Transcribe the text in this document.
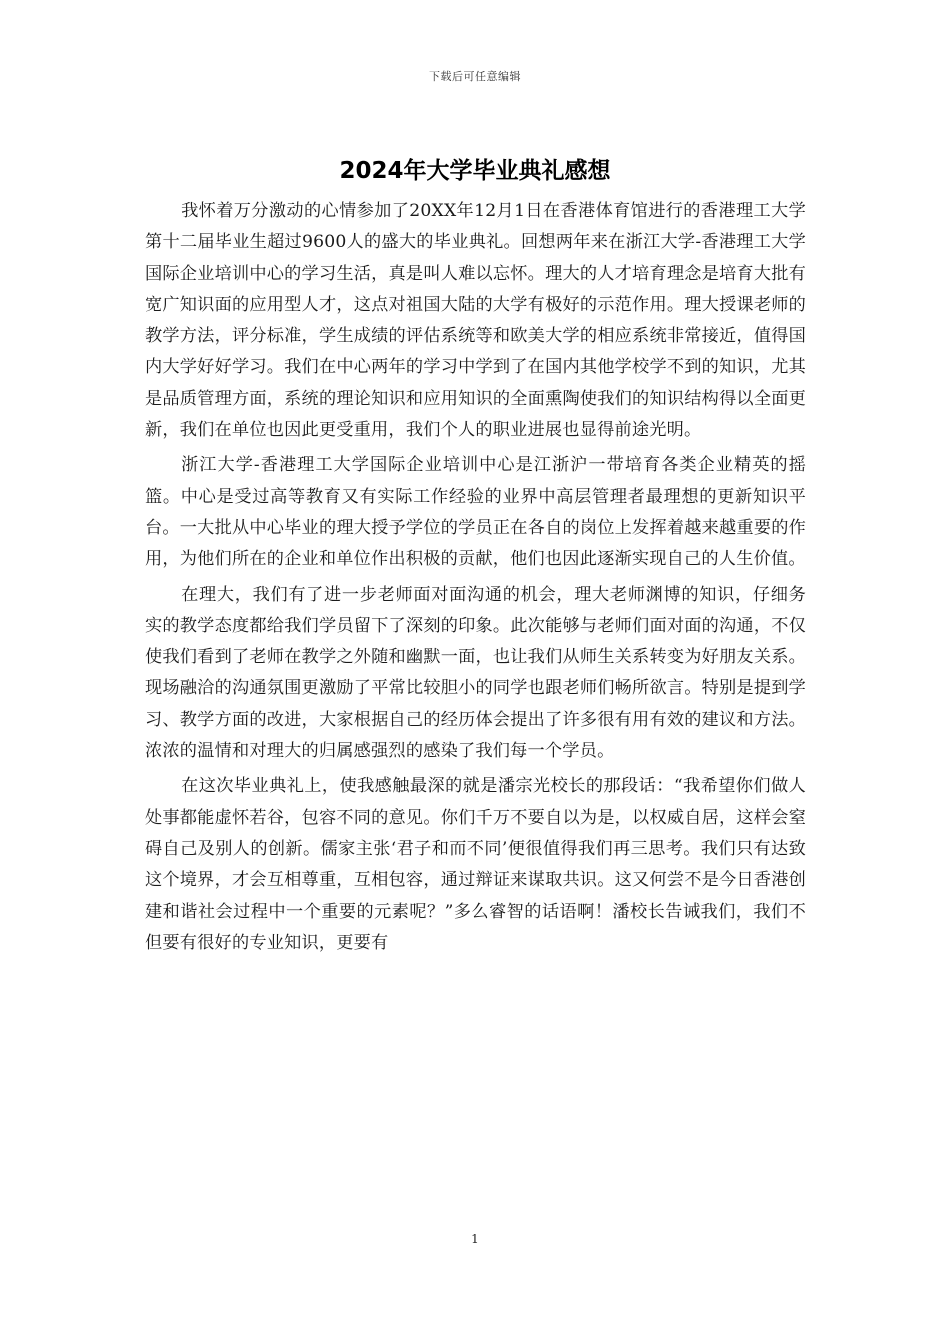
下载后可任意编辑
2024年大学毕业典礼感想

我怀着万分激动的心情参加了20XX年12月1日在香港体育馆进行的香港理工大学第十二届毕业生超过9600人的盛大的毕业典礼。回想两年来在浙江大学-香港理工大学国际企业培训中心的学习生活，真是叫人难以忘怀。理大的人才培育理念是培育大批有宽广知识面的应用型人才，这点对祖国大陆的大学有极好的示范作用。理大授课老师的教学方法，评分标准，学生成绩的评估系统等和欧美大学的相应系统非常接近，值得国内大学好好学习。我们在中心两年的学习中学到了在国内其他学校学不到的知识，尤其是品质管理方面，系统的理论知识和应用知识的全面熏陶使我们的知识结构得以全面更新，我们在单位也因此更受重用，我们个人的职业进展也显得前途光明。

浙江大学-香港理工大学国际企业培训中心是江浙沪一带培育各类企业精英的摇篮。中心是受过高等教育又有实际工作经验的业界中高层管理者最理想的更新知识平台。一大批从中心毕业的理大授予学位的学员正在各自的岗位上发挥着越来越重要的作用，为他们所在的企业和单位作出积极的贡献，他们也因此逐渐实现自己的人生价值。

在理大，我们有了进一步老师面对面沟通的机会，理大老师渊博的知识，仔细务实的教学态度都给我们学员留下了深刻的印象。此次能够与老师们面对面的沟通，不仅使我们看到了老师在教学之外随和幽默一面，也让我们从师生关系转变为好朋友关系。现场融洽的沟通氛围更激励了平常比较胆小的同学也跟老师们畅所欲言。特别是提到学习、教学方面的改进，大家根据自己的经历体会提出了许多很有用有效的建议和方法。浓浓的温情和对理大的归属感强烈的感染了我们每一个学员。

在这次毕业典礼上，使我感触最深的就是潘宗光校长的那段话：“我希望你们做人处事都能虚怀若谷，包容不同的意见。你们千万不要自以为是，以权威自居，这样会窒碍自己及别人的创新。儒家主张‘君子和而不同’便很值得我们再三思考。我们只有达致这个境界，才会互相尊重，互相包容，通过辩证来谋取共识。这又何尝不是今日香港创建和谐社会过程中一个重要的元素呢？”多么睿智的话语啊！潘校长告诫我们，我们不但要有很好的专业知识，更要有

1
